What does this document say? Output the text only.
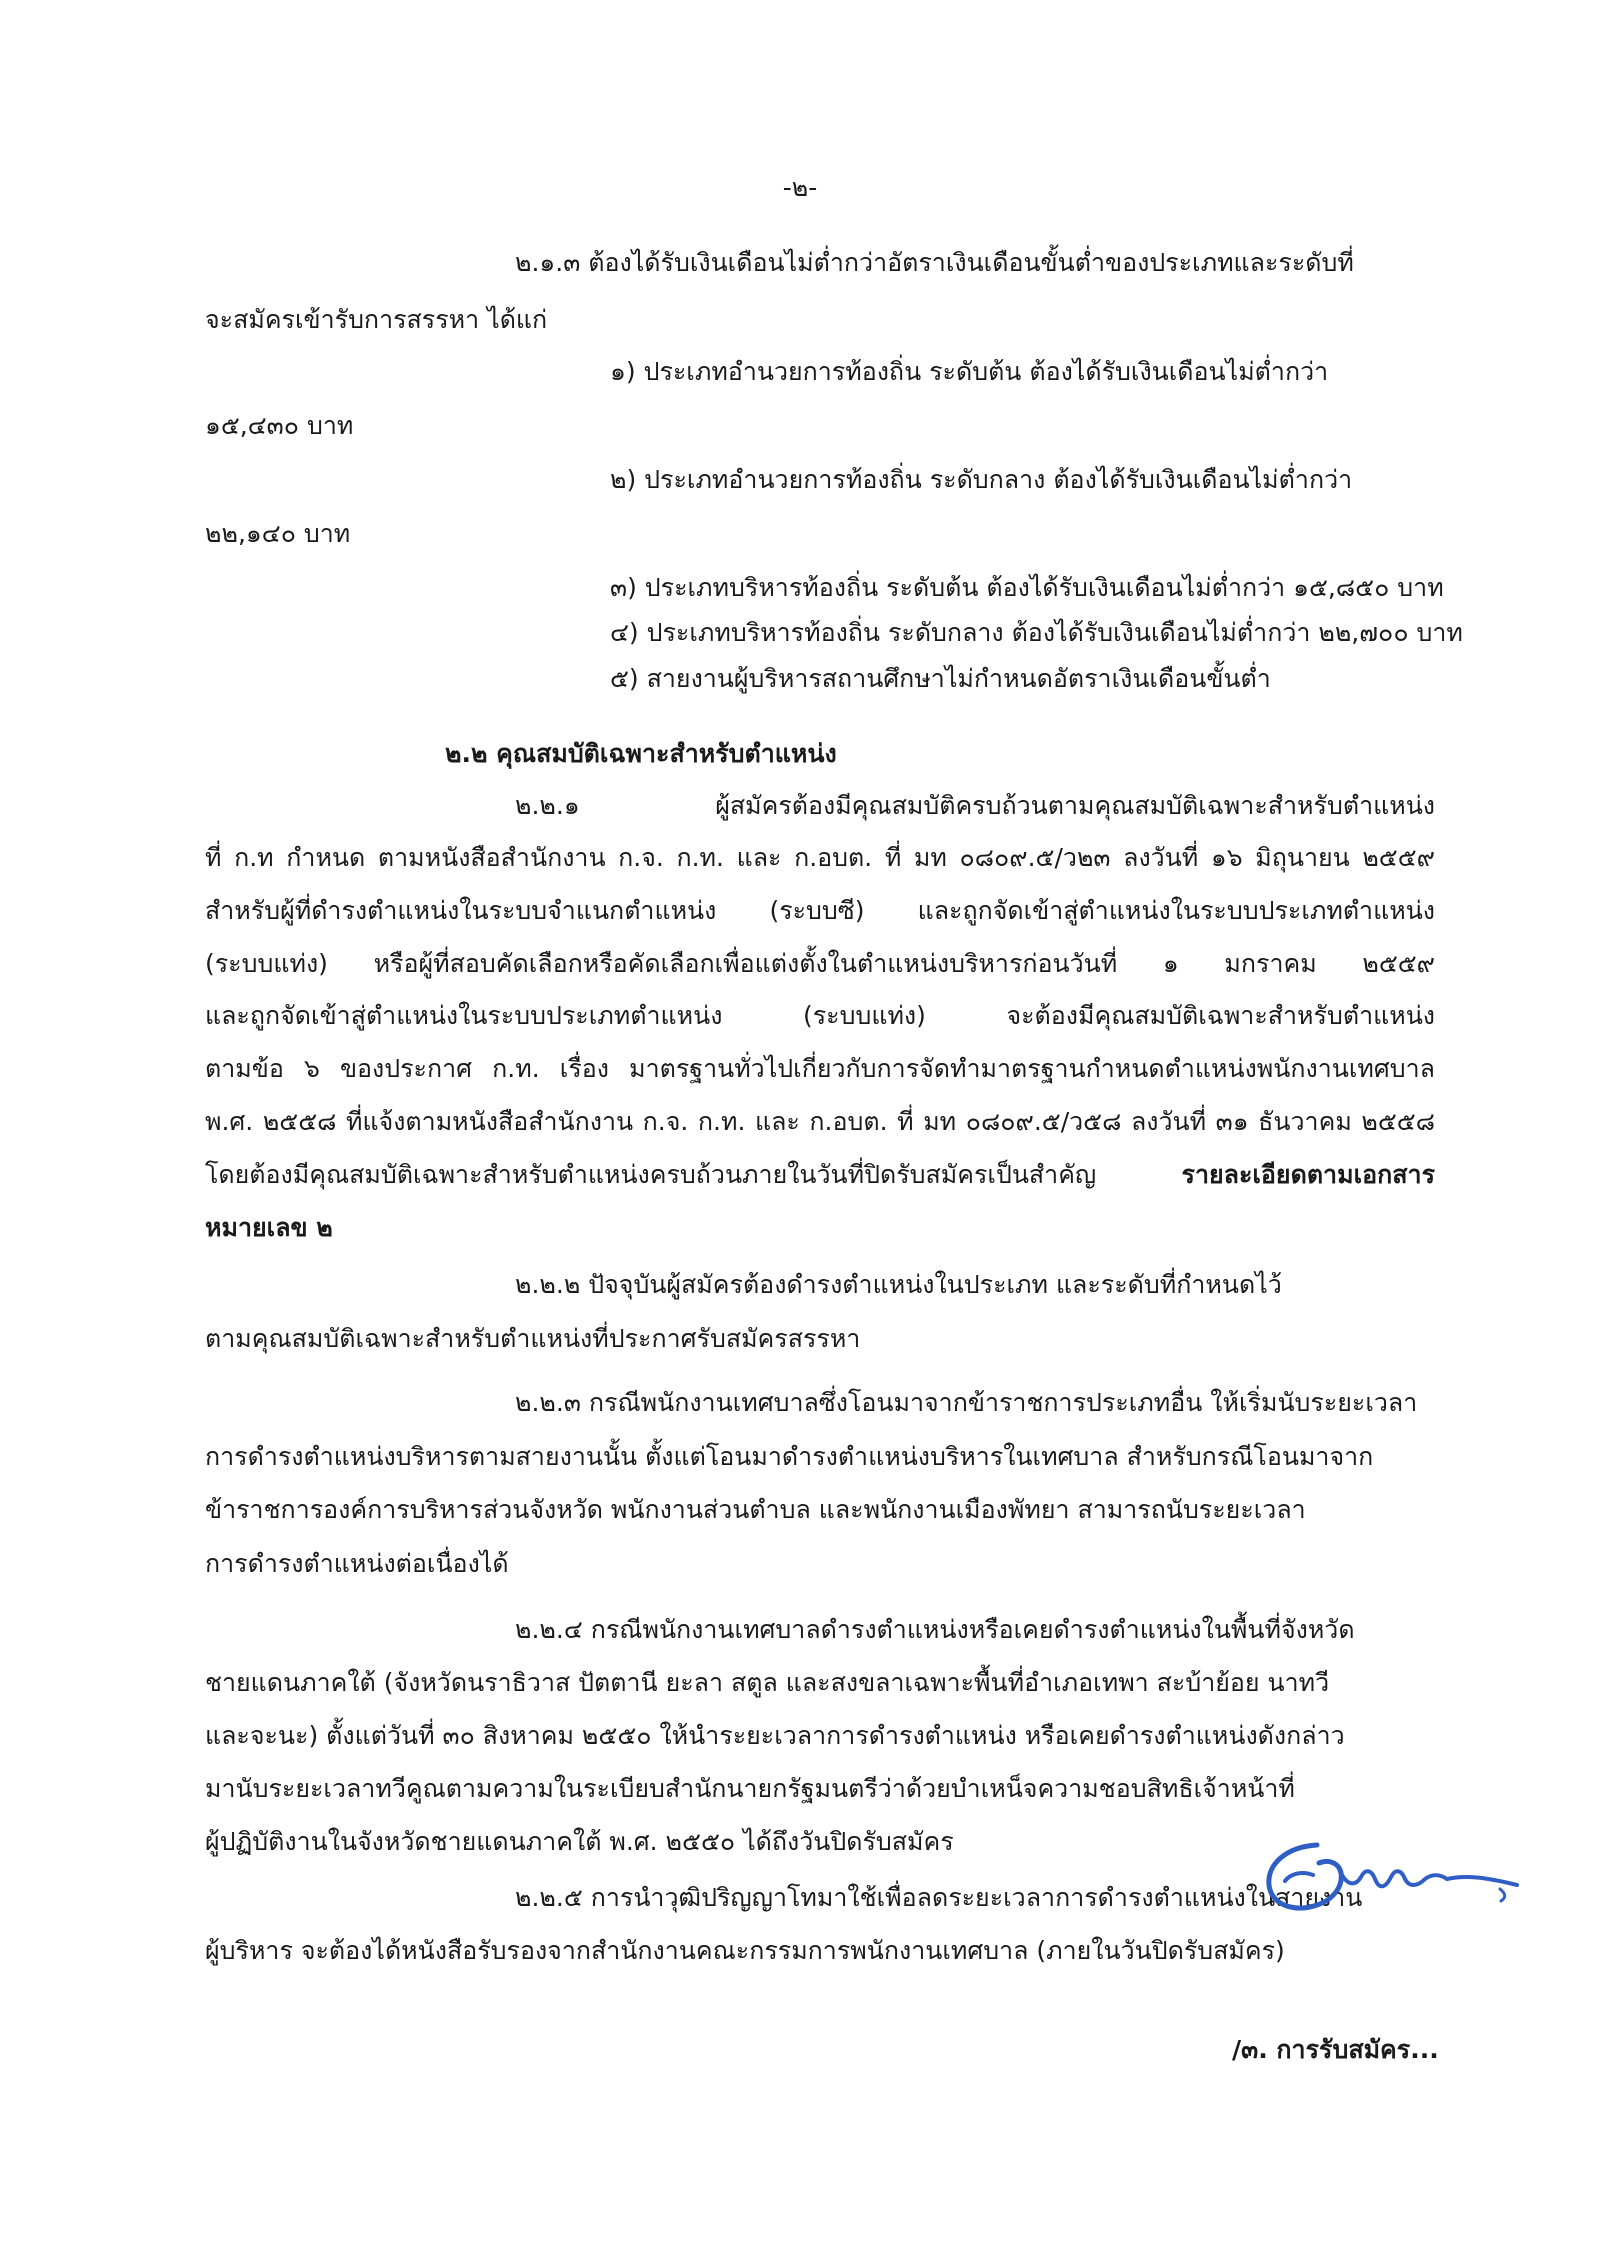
-๒-
๒.๑.๓ ต้องได้รับเงินเดือนไม่ต่ำกว่าอัตราเงินเดือนขั้นต่ำของประเภทและระดับที่
จะสมัครเข้ารับการสรรหา ได้แก่
๑) ประเภทอำนวยการท้องถิ่น ระดับต้น ต้องได้รับเงินเดือนไม่ต่ำกว่า
๑๕,๔๓๐ บาท
๒) ประเภทอำนวยการท้องถิ่น ระดับกลาง ต้องได้รับเงินเดือนไม่ต่ำกว่า
๒๒,๑๔๐ บาท
๓) ประเภทบริหารท้องถิ่น ระดับต้น ต้องได้รับเงินเดือนไม่ต่ำกว่า ๑๕,๘๕๐ บาท
๔) ประเภทบริหารท้องถิ่น ระดับกลาง ต้องได้รับเงินเดือนไม่ต่ำกว่า ๒๒,๗๐๐ บาท
๕) สายงานผู้บริหารสถานศึกษาไม่กำหนดอัตราเงินเดือนขั้นต่ำ
๒.๒ คุณสมบัติเฉพาะสำหรับตำแหน่ง
๒.๒.๑	ผู้สมัครต้องมีคุณสมบัติครบถ้วนตามคุณสมบัติเฉพาะสำหรับตำแหน่ง
ที่ ก.ท กำหนด ตามหนังสือสำนักงาน ก.จ. ก.ท. และ ก.อบต. ที่ มท ๐๘๐๙.๕/ว๒๓ ลงวันที่ ๑๖ มิถุนายน ๒๕๕๙
สำหรับผู้ที่ดำรงตำแหน่งในระบบจำแนกตำแหน่ง (ระบบซี) และถูกจัดเข้าสู่ตำแหน่งในระบบประเภทตำแหน่ง
(ระบบแท่ง) หรือผู้ที่สอบคัดเลือกหรือคัดเลือกเพื่อแต่งตั้งในตำแหน่งบริหารก่อนวันที่ ๑ มกราคม ๒๕๕๙
และถูกจัดเข้าสู่ตำแหน่งในระบบประเภทตำแหน่ง	(ระบบแท่ง)	จะต้องมีคุณสมบัติเฉพาะสำหรับตำแหน่ง
ตามข้อ ๖ ของประกาศ ก.ท. เรื่อง มาตรฐานทั่วไปเกี่ยวกับการจัดทำมาตรฐานกำหนดตำแหน่งพนักงานเทศบาล
พ.ศ. ๒๕๕๘ ที่แจ้งตามหนังสือสำนักงาน ก.จ. ก.ท. และ ก.อบต. ที่ มท ๐๘๐๙.๕/ว๕๘ ลงวันที่ ๓๑ ธันวาคม ๒๕๕๘
โดยต้องมีคุณสมบัติเฉพาะสำหรับตำแหน่งครบถ้วนภายในวันที่ปิดรับสมัครเป็นสำคัญ	รายละเอียดตามเอกสาร
หมายเลข ๒
๒.๒.๒ ปัจจุบันผู้สมัครต้องดำรงตำแหน่งในประเภท และระดับที่กำหนดไว้
ตามคุณสมบัติเฉพาะสำหรับตำแหน่งที่ประกาศรับสมัครสรรหา
๒.๒.๓ กรณีพนักงานเทศบาลซึ่งโอนมาจากข้าราชการประเภทอื่น ให้เริ่มนับระยะเวลา
การดำรงตำแหน่งบริหารตามสายงานนั้น ตั้งแต่โอนมาดำรงตำแหน่งบริหารในเทศบาล สำหรับกรณีโอนมาจาก
ข้าราชการองค์การบริหารส่วนจังหวัด พนักงานส่วนตำบล และพนักงานเมืองพัทยา สามารถนับระยะเวลา
การดำรงตำแหน่งต่อเนื่องได้
๒.๒.๔ กรณีพนักงานเทศบาลดำรงตำแหน่งหรือเคยดำรงตำแหน่งในพื้นที่จังหวัด
ชายแดนภาคใต้ (จังหวัดนราธิวาส ปัตตานี ยะลา สตูล และสงขลาเฉพาะพื้นที่อำเภอเทพา สะบ้าย้อย นาทวี
และจะนะ) ตั้งแต่วันที่ ๓๐ สิงหาคม ๒๕๕๐ ให้นำระยะเวลาการดำรงตำแหน่ง หรือเคยดำรงตำแหน่งดังกล่าว
มานับระยะเวลาทวีคูณตามความในระเบียบสำนักนายกรัฐมนตรีว่าด้วยบำเหน็จความชอบสิทธิเจ้าหน้าที่
ผู้ปฏิบัติงานในจังหวัดชายแดนภาคใต้ พ.ศ. ๒๕๕๐ ได้ถึงวันปิดรับสมัคร
๒.๒.๕ การนำวุฒิปริญญาโทมาใช้เพื่อลดระยะเวลาการดำรงตำแหน่งในสายงาน
ผู้บริหาร จะต้องได้หนังสือรับรองจากสำนักงานคณะกรรมการพนักงานเทศบาล (ภายในวันปิดรับสมัคร)
/๓. การรับสมัคร...
